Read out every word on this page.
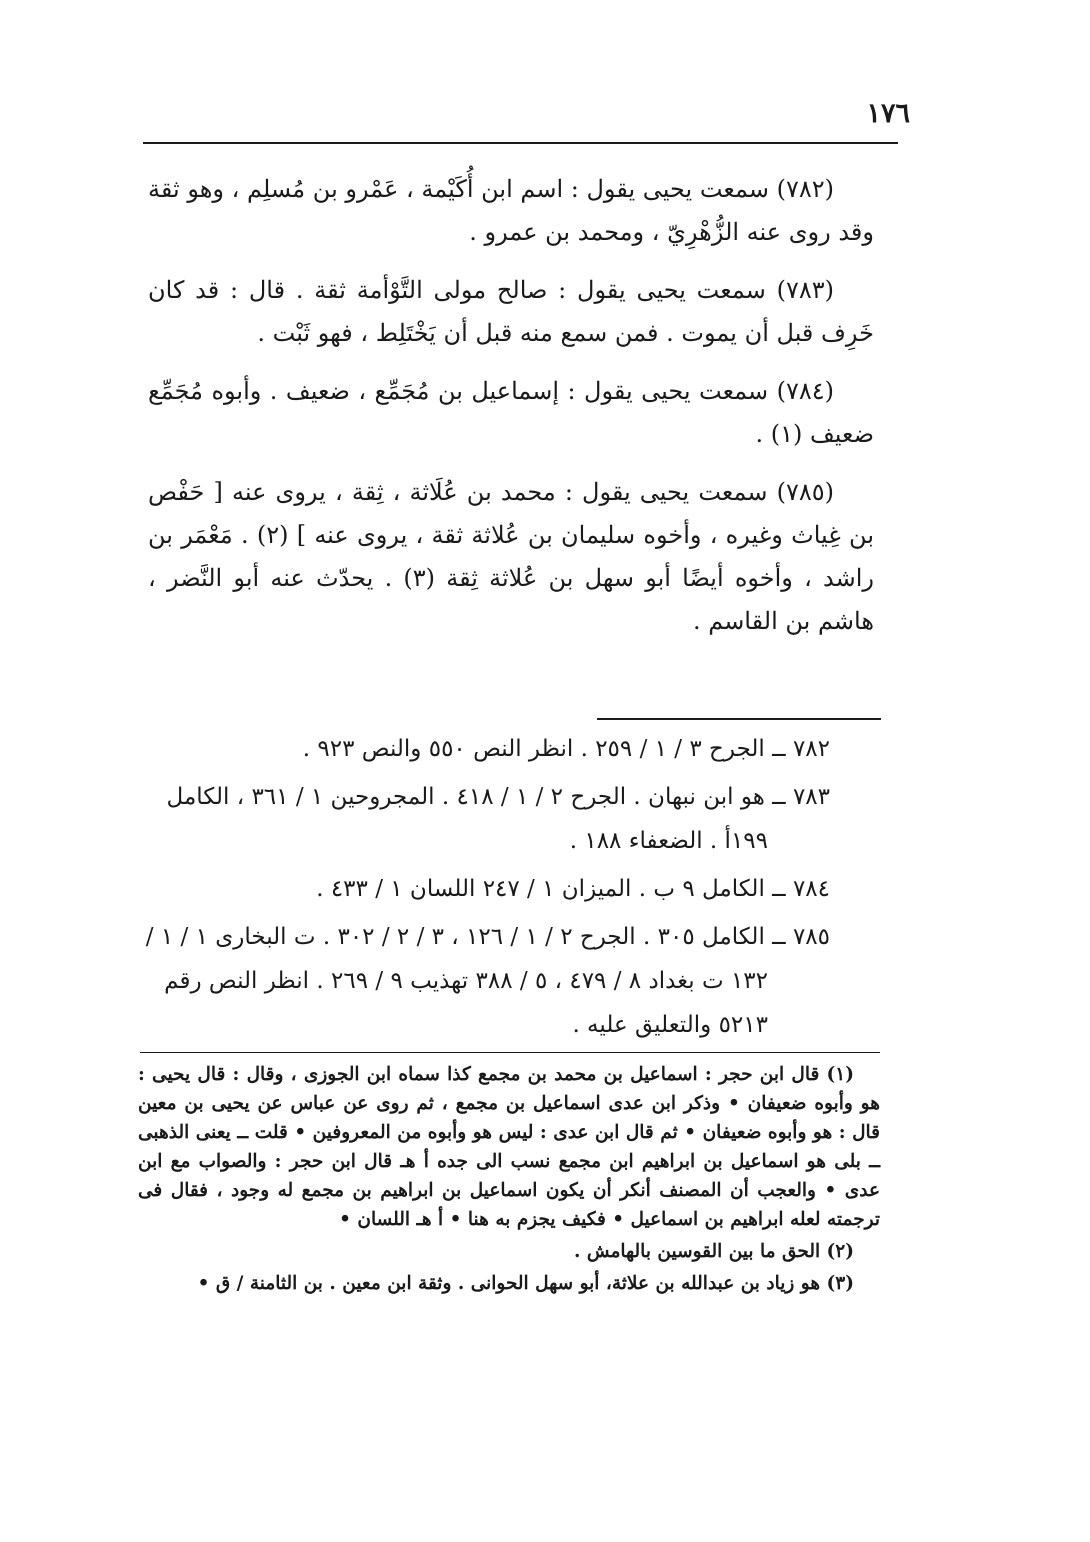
١٧٦

(٧٨٢) سمعت يحيى يقول : اسم ابن أُكَيْمة ، عَمْرو بن مُسلِم ، وهو ثقة وقد روى عنه الزُّهْرِيّ ، ومحمد بن عمرو .

(٧٨٣) سمعت يحيى يقول : صالح مولى التَّوْأمة ثقة . قال : قد كان خَرِف قبل أن يموت . فمن سمع منه قبل أن يَخْتَلِط ، فهو ثَبْت .

(٧٨٤) سمعت يحيى يقول : إسماعيل بن مُجَمِّع ، ضعيف . وأبوه مُجَمِّع ضعيف (١) .

(٧٨٥) سمعت يحيى يقول : محمد بن عُلَاثة ، ثِقة ، يروى عنه [ حَفْص بن غِياث وغيره ، وأخوه سليمان بن عُلاثة ثقة ، يروى عنه ] (٢) . مَعْمَر بن راشد ، وأخوه أيضًا أبو سهل بن عُلاثة ثِقة (٣) . يحدّث عنه أبو النَّضر ، هاشم بن القاسم .

٧٨٢ ــ الجرح ٣ / ١ / ٢٥٩ . انظر النص ٥٥٠ والنص ٩٢٣ .

٧٨٣ ــ هو ابن نبهان . الجرح ٢ / ١ / ٤١٨ . المجروحين ١ / ٣٦١ ، الكامل ١٩٩أ . الضعفاء ١٨٨ .

٧٨٤ ــ الكامل ٩ ب . الميزان ١ / ٢٤٧ اللسان ١ / ٤٣٣ .

٧٨٥ ــ الكامل ٣٠٥ . الجرح ٢ / ١ / ١٢٦ ، ٣ / ٢ / ٣٠٢ . ت البخارى ١ / ١ / ١٣٢ ت بغداد ٨ / ٤٧٩ ، ٥ / ٣٨٨ تهذيب ٩ / ٢٦٩ . انظر النص رقم ٥٢١٣ والتعليق عليه .

(١) قال ابن حجر : اسماعيل بن محمد بن مجمع كذا سماه ابن الجوزى ، وقال : قال يحيى : هو وأبوه ضعيفان • وذكر ابن عدى اسماعيل بن مجمع ، ثم روى عن عباس عن يحيى بن معين قال : هو وأبوه ضعيفان • ثم قال ابن عدى : ليس هو وأبوه من المعروفين • قلت ــ يعنى الذهبى ــ بلى هو اسماعيل بن ابراهيم ابن مجمع نسب الى جده أ هـ قال ابن حجر : والصواب مع ابن عدى • والعجب أن المصنف أنكر أن يكون اسماعيل بن ابراهيم بن مجمع له وجود ، فقال فى ترجمته لعله ابراهيم بن اسماعيل • فكيف يجزم به هنا • أ هـ اللسان •

(٢) الحق ما بين القوسين بالهامش .

(٣) هو زياد بن عبدالله بن علاثة، أبو سهل الحوانى . وثقة ابن معين . بن الثامنة / ق •
